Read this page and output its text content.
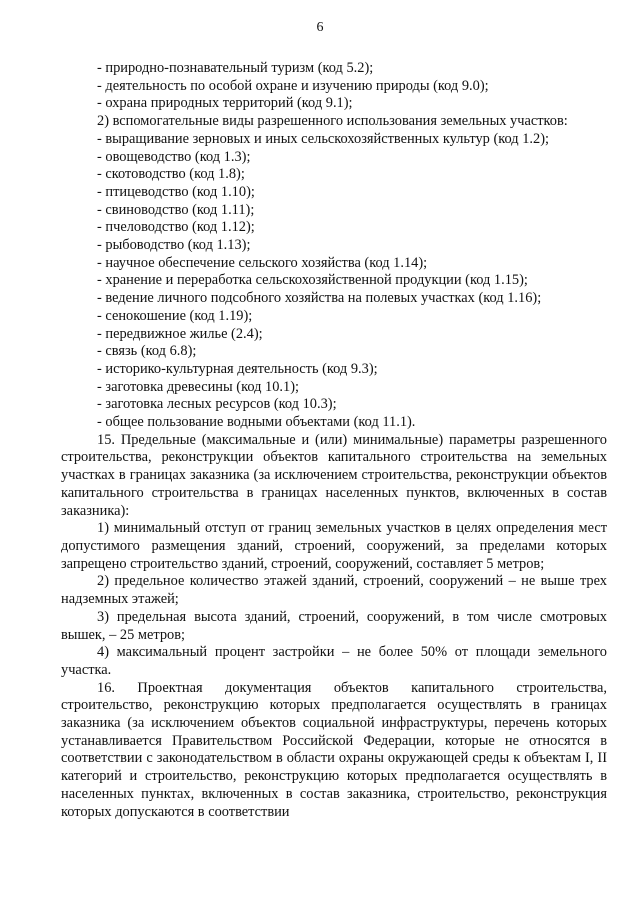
6
- природно-познавательный туризм (код 5.2);
- деятельность по особой охране и изучению природы (код 9.0);
- охрана природных территорий (код 9.1);
2) вспомогательные виды разрешенного использования земельных участков:
- выращивание зерновых и иных сельскохозяйственных культур (код 1.2);
- овощеводство (код 1.3);
- скотоводство (код 1.8);
- птицеводство (код 1.10);
- свиноводство (код 1.11);
- пчеловодство (код 1.12);
- рыбоводство (код 1.13);
- научное обеспечение сельского хозяйства (код 1.14);
- хранение и переработка сельскохозяйственной продукции (код 1.15);
- ведение личного подсобного хозяйства на полевых участках (код 1.16);
- сенокошение (код 1.19);
- передвижное жилье (2.4);
- связь (код 6.8);
- историко-культурная деятельность (код 9.3);
- заготовка древесины (код 10.1);
- заготовка лесных ресурсов (код 10.3);
- общее пользование водными объектами (код 11.1).
15. Предельные (максимальные и (или) минимальные) параметры разрешенного строительства, реконструкции объектов капитального строительства на земельных участках в границах заказника (за исключением строительства, реконструкции объектов капитального строительства в границах населенных пунктов, включенных в состав заказника):
1) минимальный отступ от границ земельных участков в целях определения мест допустимого размещения зданий, строений, сооружений, за пределами которых запрещено строительство зданий, строений, сооружений, составляет 5 метров;
2) предельное количество этажей зданий, строений, сооружений – не выше трех надземных этажей;
3) предельная высота зданий, строений, сооружений, в том числе смотровых вышек, – 25 метров;
4) максимальный процент застройки – не более 50% от площади земельного участка.
16. Проектная документация объектов капитального строительства, строительство, реконструкцию которых предполагается осуществлять в границах заказника (за исключением объектов социальной инфраструктуры, перечень которых устанавливается Правительством Российской Федерации, которые не относятся в соответствии с законодательством в области охраны окружающей среды к объектам I, II категорий и строительство, реконструкцию которых предполагается осуществлять в населенных пунктах, включенных в состав заказника, строительство, реконструкция которых допускаются в соответствии
